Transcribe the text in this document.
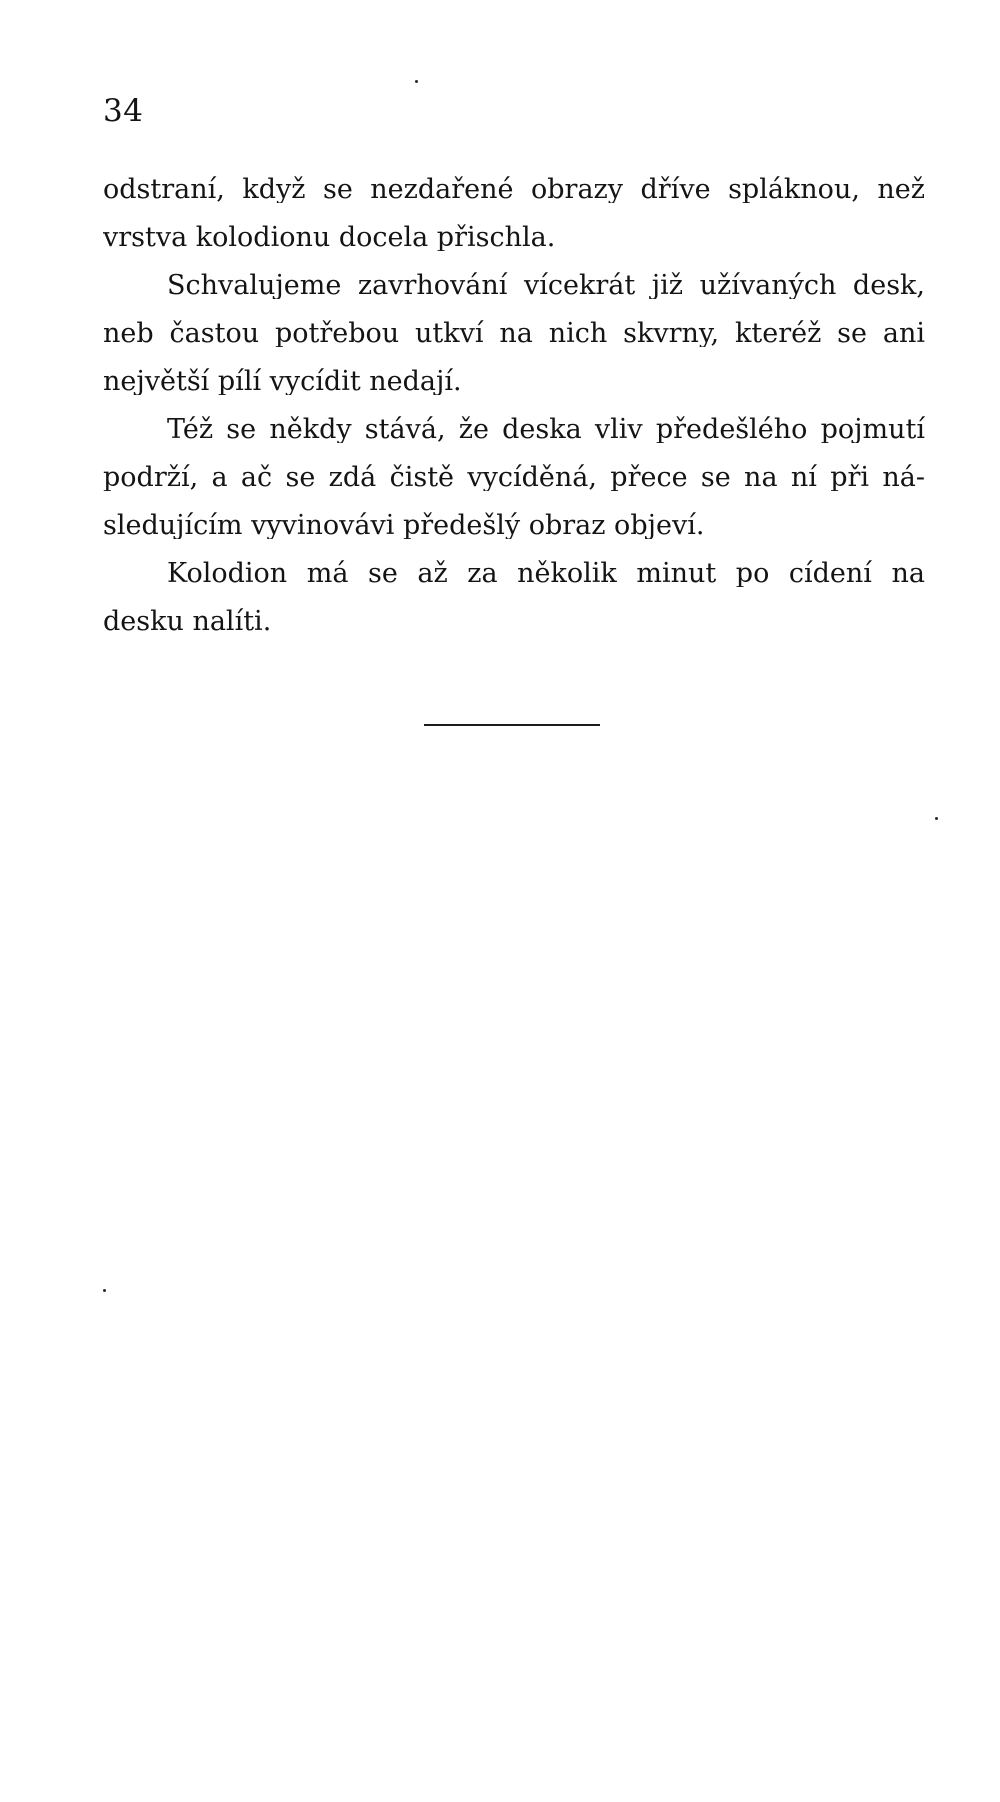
34
odstraní, když se nezdařené obrazy dříve spláknou, než
vrstva kolodionu docela přischla.
Schvalujeme zavrhování vícekrát již užívaných desk,
neb častou potřebou utkví na nich skvrny, kteréž se ani
největší pílí vycídit nedají.
Též se někdy stává, že deska vliv předešlého pojmutí
podrží, a ač se zdá čistě vycíděná, přece se na ní při ná-
sledujícím vyvinovávi předešlý obraz objeví.
Kolodion má se až za několik minut po cídení na
desku nalíti.
